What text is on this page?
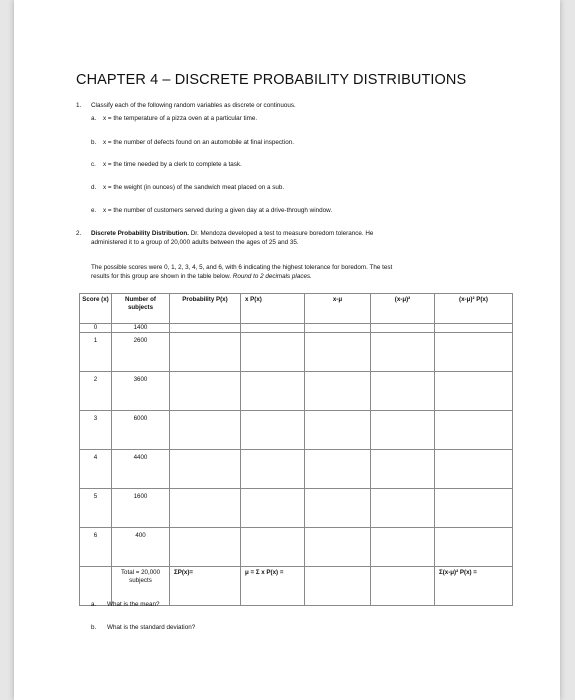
CHAPTER 4 – DISCRETE PROBABILITY DISTRIBUTIONS
1. Classify each of the following random variables as discrete or continuous.
a. x = the temperature of a pizza oven at a particular time.
b. x = the number of defects found on an automobile at final inspection.
c. x = the time needed by a clerk to complete a task.
d. x = the weight (in ounces) of the sandwich meat placed on a sub.
e. x = the number of customers served during a given day at a drive-through window.
2. Discrete Probability Distribution. Dr. Mendoza developed a test to measure boredom tolerance. He
administered it to a group of 20,000 adults between the ages of 25 and 35.
The possible scores were 0, 1, 2, 3, 4, 5, and 6, with 6 indicating the highest tolerance for boredom. The test
results for this group are shown in the table below. Round to 2 decimals places.
Score (x)	Number of subjects	Probability P(x)	x P(x)	x-μ	(x-μ)²	(x-μ)² P(x)
0	1400					
1	2600					
2	3600					
3	6000					
4	4400					
5	1600					
6	400					
	Total = 20,000 subjects	ΣP(x)=	μ = Σ x P(x) =			Σ(x-μ)² P(x) =
a. What is the mean?
b. What is the standard deviation?
